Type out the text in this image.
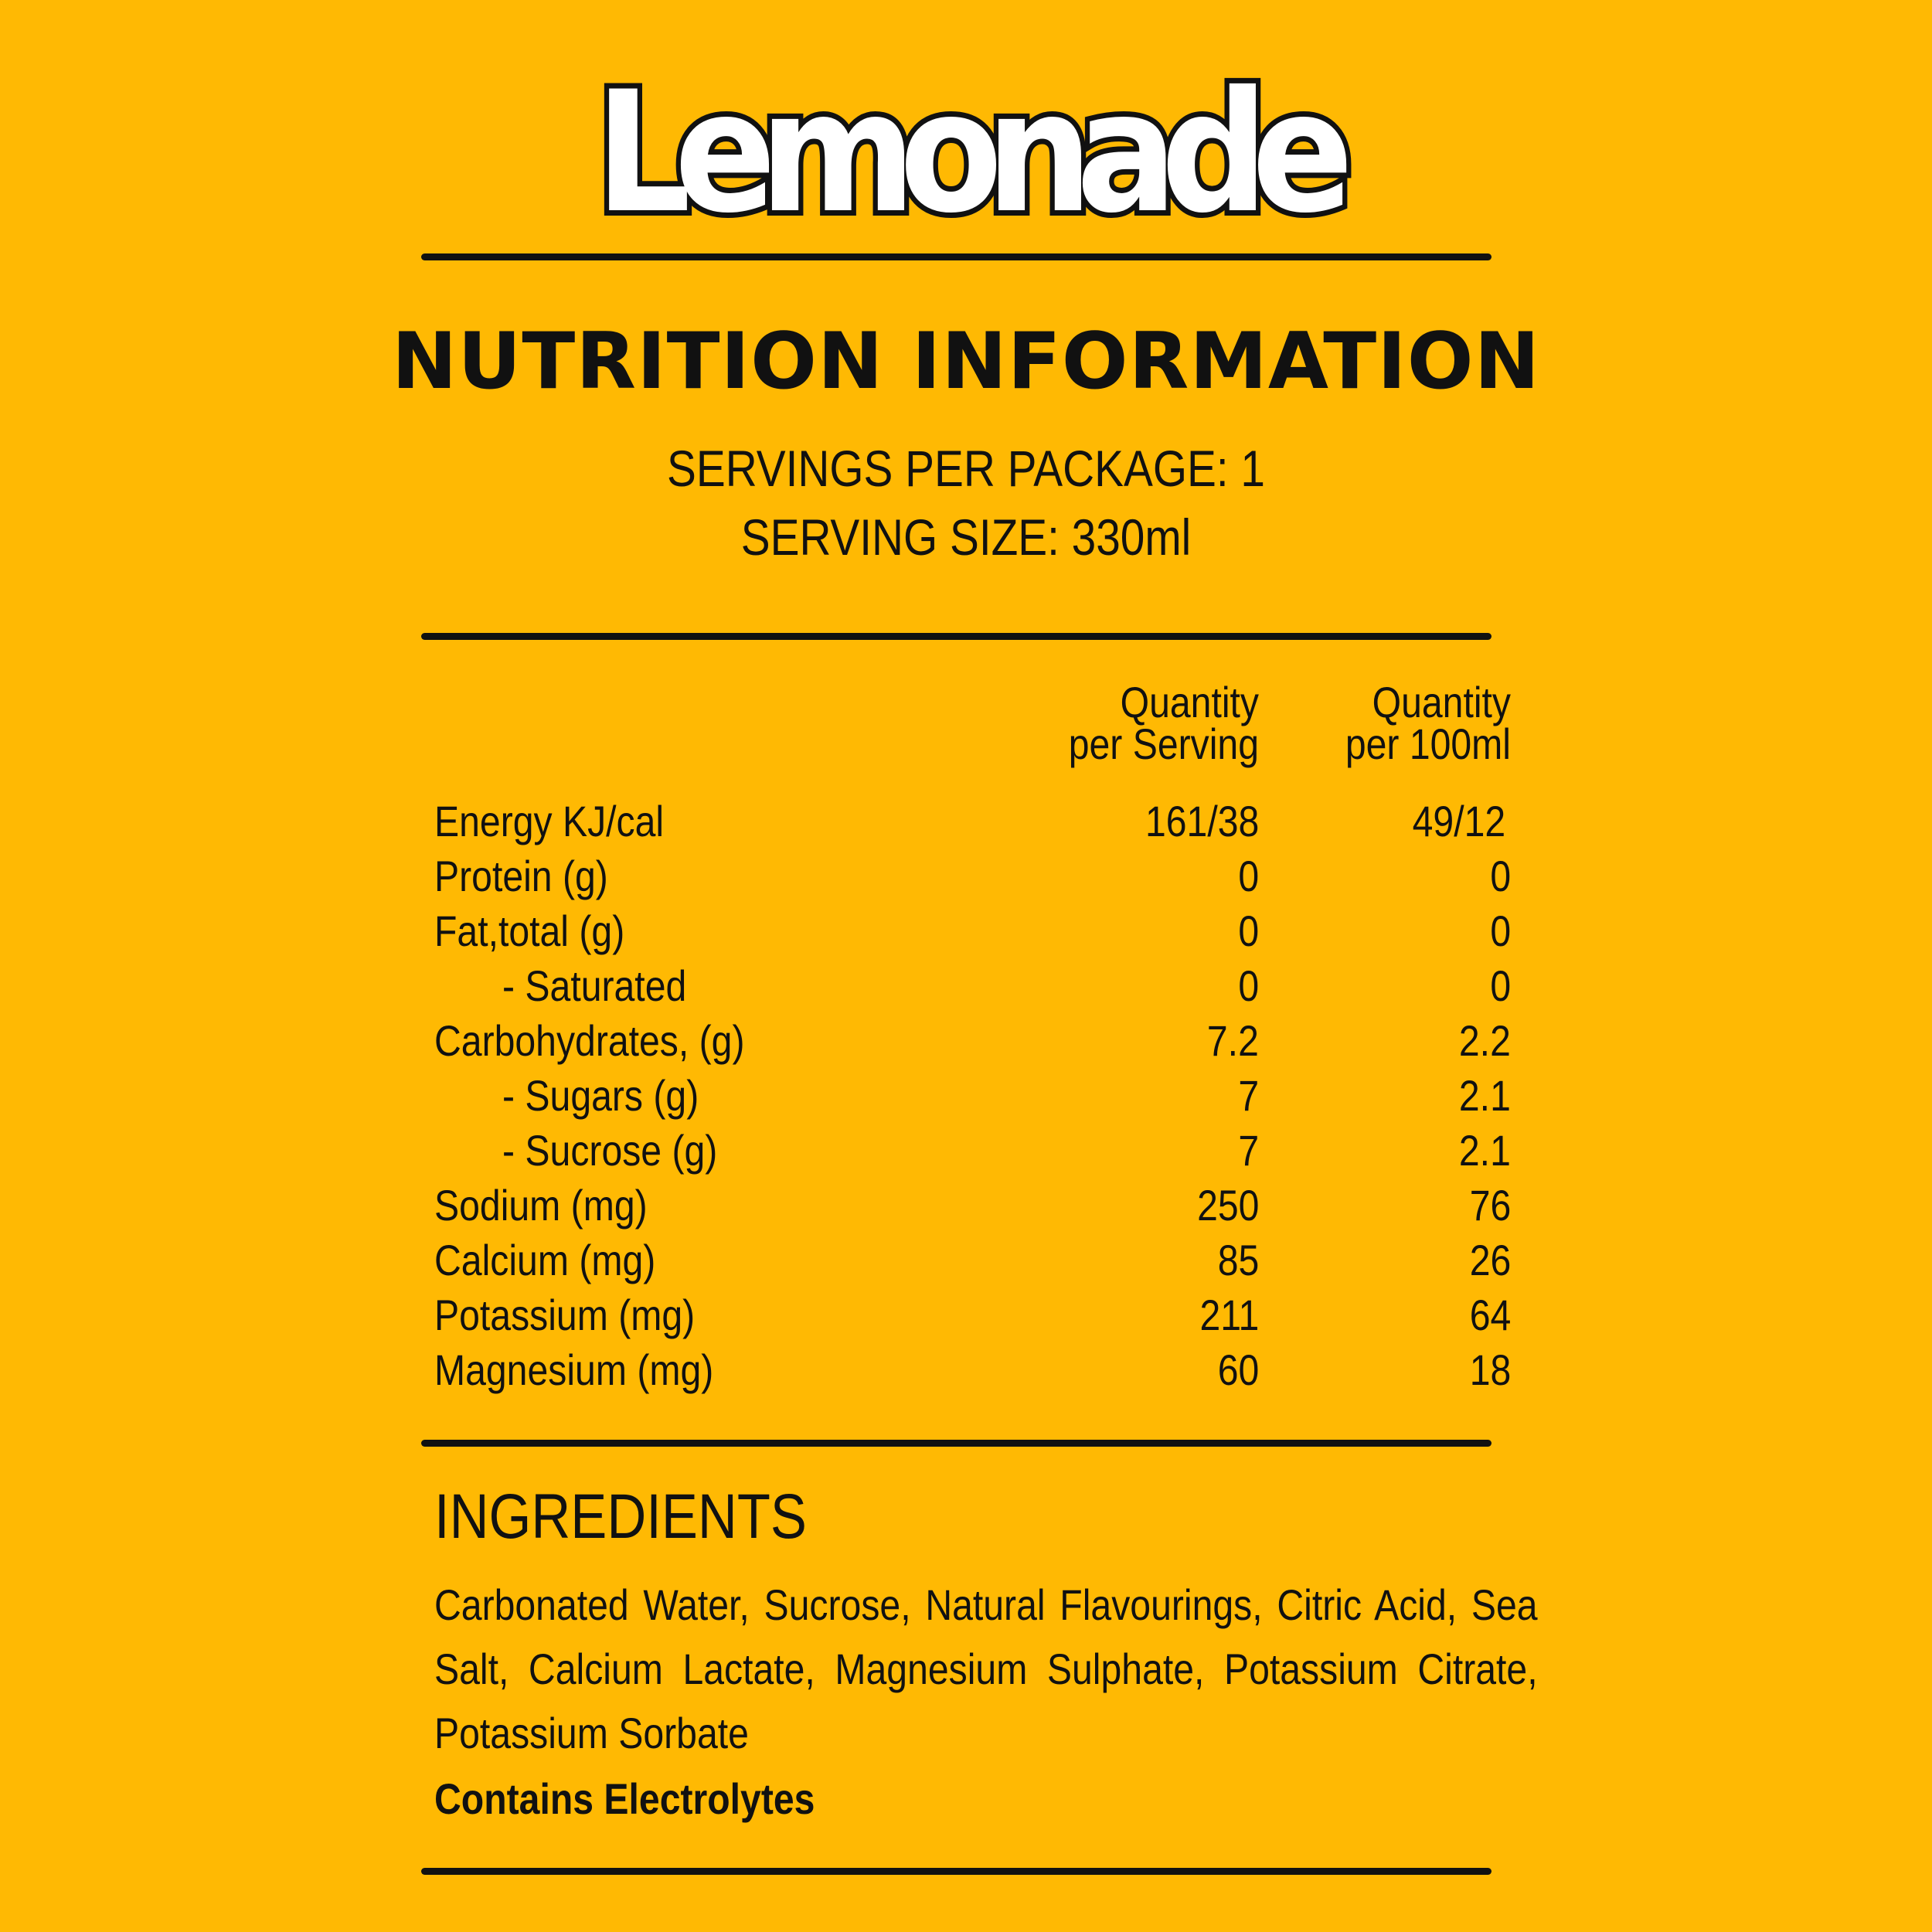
Lemonade
NUTRITION INFORMATION
SERVINGS PER PACKAGE: 1
SERVING SIZE: 330ml
Quantity
per Serving
Quantity
per 100ml
Energy KJ/cal	161/38	49/12
Protein (g)	0	0
Fat,total (g)	0	0
- Saturated	0	0
Carbohydrates, (g)	7.2	2.2
- Sugars (g)	7	2.1
- Sucrose (g)	7	2.1
Sodium (mg)	250	76
Calcium (mg)	85	26
Potassium (mg)	211	64
Magnesium (mg)	60	18
INGREDIENTS
Carbonated Water, Sucrose, Natural Flavourings, Citric Acid, Sea
Salt, Calcium Lactate, Magnesium Sulphate, Potassium Citrate,
Potassium Sorbate
Contains Electrolytes
